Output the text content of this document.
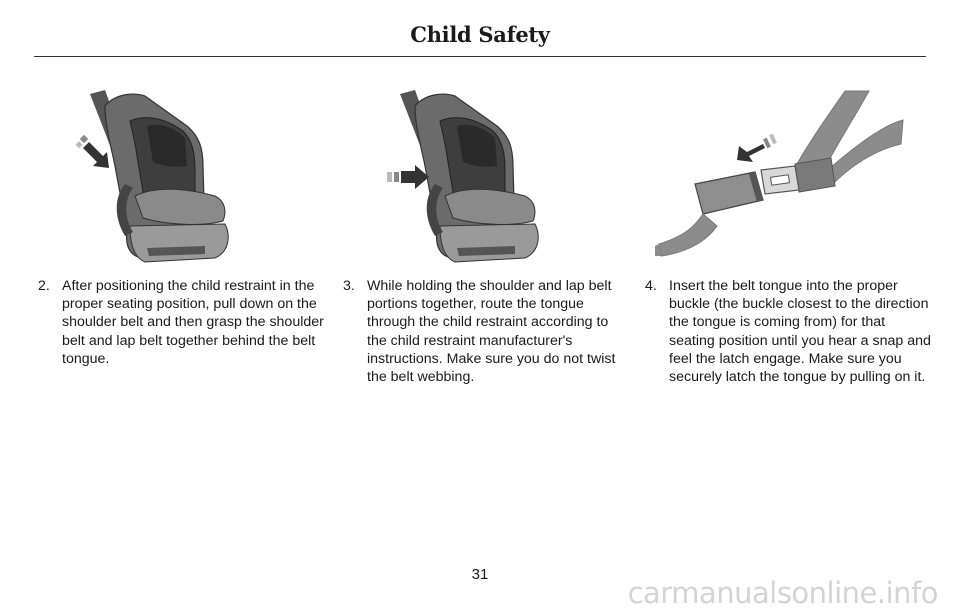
Child Safety
2. After positioning the child restraint in the proper seating position, pull down on the shoulder belt and then grasp the shoulder belt and lap belt together behind the belt tongue.
3. While holding the shoulder and lap belt portions together, route the tongue through the child restraint according to the child restraint manufacturer's instructions. Make sure you do not twist the belt webbing.
4. Insert the belt tongue into the proper buckle (the buckle closest to the direction the tongue is coming from) for that seating position until you hear a snap and feel the latch engage. Make sure you securely latch the tongue by pulling on it.
31
carmanualsonline.info
